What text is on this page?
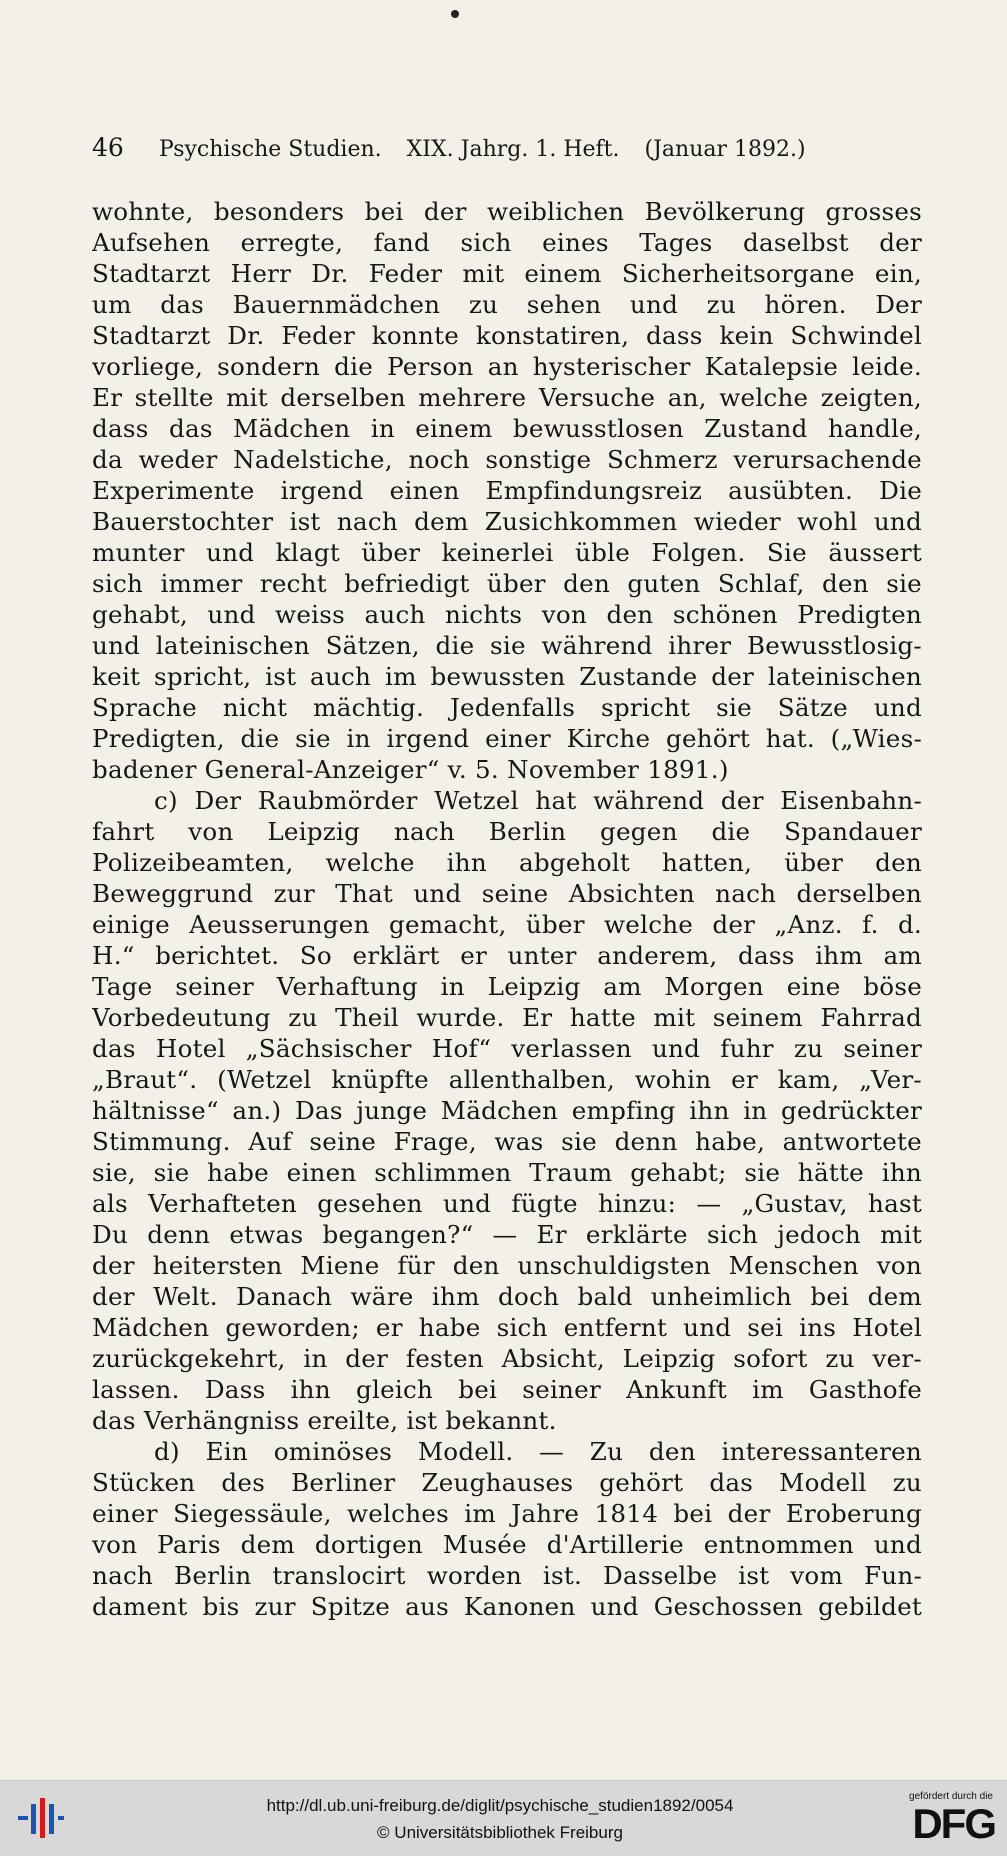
46 Psychische Studien. XIX. Jahrg. 1. Heft. (Januar 1892.)
wohnte, besonders bei der weiblichen Bevölkerung grosses
Aufsehen erregte, fand sich eines Tages daselbst der
Stadtarzt Herr Dr. Feder mit einem Sicherheitsorgane ein,
um das Bauernmädchen zu sehen und zu hören. Der
Stadtarzt Dr. Feder konnte konstatiren, dass kein Schwindel
vorliege, sondern die Person an hysterischer Katalepsie leide.
Er stellte mit derselben mehrere Versuche an, welche zeigten,
dass das Mädchen in einem bewusstlosen Zustand handle,
da weder Nadelstiche, noch sonstige Schmerz verursachende
Experimente irgend einen Empfindungsreiz ausübten. Die
Bauerstochter ist nach dem Zusichkommen wieder wohl und
munter und klagt über keinerlei üble Folgen. Sie äussert
sich immer recht befriedigt über den guten Schlaf, den sie
gehabt, und weiss auch nichts von den schönen Predigten
und lateinischen Sätzen, die sie während ihrer Bewusstlosig-
keit spricht, ist auch im bewussten Zustande der lateinischen
Sprache nicht mächtig. Jedenfalls spricht sie Sätze und
Predigten, die sie in irgend einer Kirche gehört hat. („Wies-
badener General-Anzeiger“ v. 5. November 1891.)
c) Der Raubmörder Wetzel hat während der Eisenbahn-
fahrt von Leipzig nach Berlin gegen die Spandauer
Polizeibeamten, welche ihn abgeholt hatten, über den
Beweggrund zur That und seine Absichten nach derselben
einige Aeusserungen gemacht, über welche der „Anz. f. d.
H.“ berichtet. So erklärt er unter anderem, dass ihm am
Tage seiner Verhaftung in Leipzig am Morgen eine böse
Vorbedeutung zu Theil wurde. Er hatte mit seinem Fahrrad
das Hotel „Sächsischer Hof“ verlassen und fuhr zu seiner
„Braut“. (Wetzel knüpfte allenthalben, wohin er kam, „Ver-
hältnisse“ an.) Das junge Mädchen empfing ihn in gedrückter
Stimmung. Auf seine Frage, was sie denn habe, antwortete
sie, sie habe einen schlimmen Traum gehabt; sie hätte ihn
als Verhafteten gesehen und fügte hinzu: — „Gustav, hast
Du denn etwas begangen?“ — Er erklärte sich jedoch mit
der heitersten Miene für den unschuldigsten Menschen von
der Welt. Danach wäre ihm doch bald unheimlich bei dem
Mädchen geworden; er habe sich entfernt und sei ins Hotel
zurückgekehrt, in der festen Absicht, Leipzig sofort zu ver-
lassen. Dass ihn gleich bei seiner Ankunft im Gasthofe
das Verhängniss ereilte, ist bekannt.
d) Ein ominöses Modell. — Zu den interessanteren
Stücken des Berliner Zeughauses gehört das Modell zu
einer Siegessäule, welches im Jahre 1814 bei der Eroberung
von Paris dem dortigen Musée d'Artillerie entnommen und
nach Berlin translocirt worden ist. Dasselbe ist vom Fun-
dament bis zur Spitze aus Kanonen und Geschossen gebildet
http://dl.ub.uni-freiburg.de/diglit/psychische_studien1892/0054
© Universitätsbibliothek Freiburg
gefördert durch die
DFG
